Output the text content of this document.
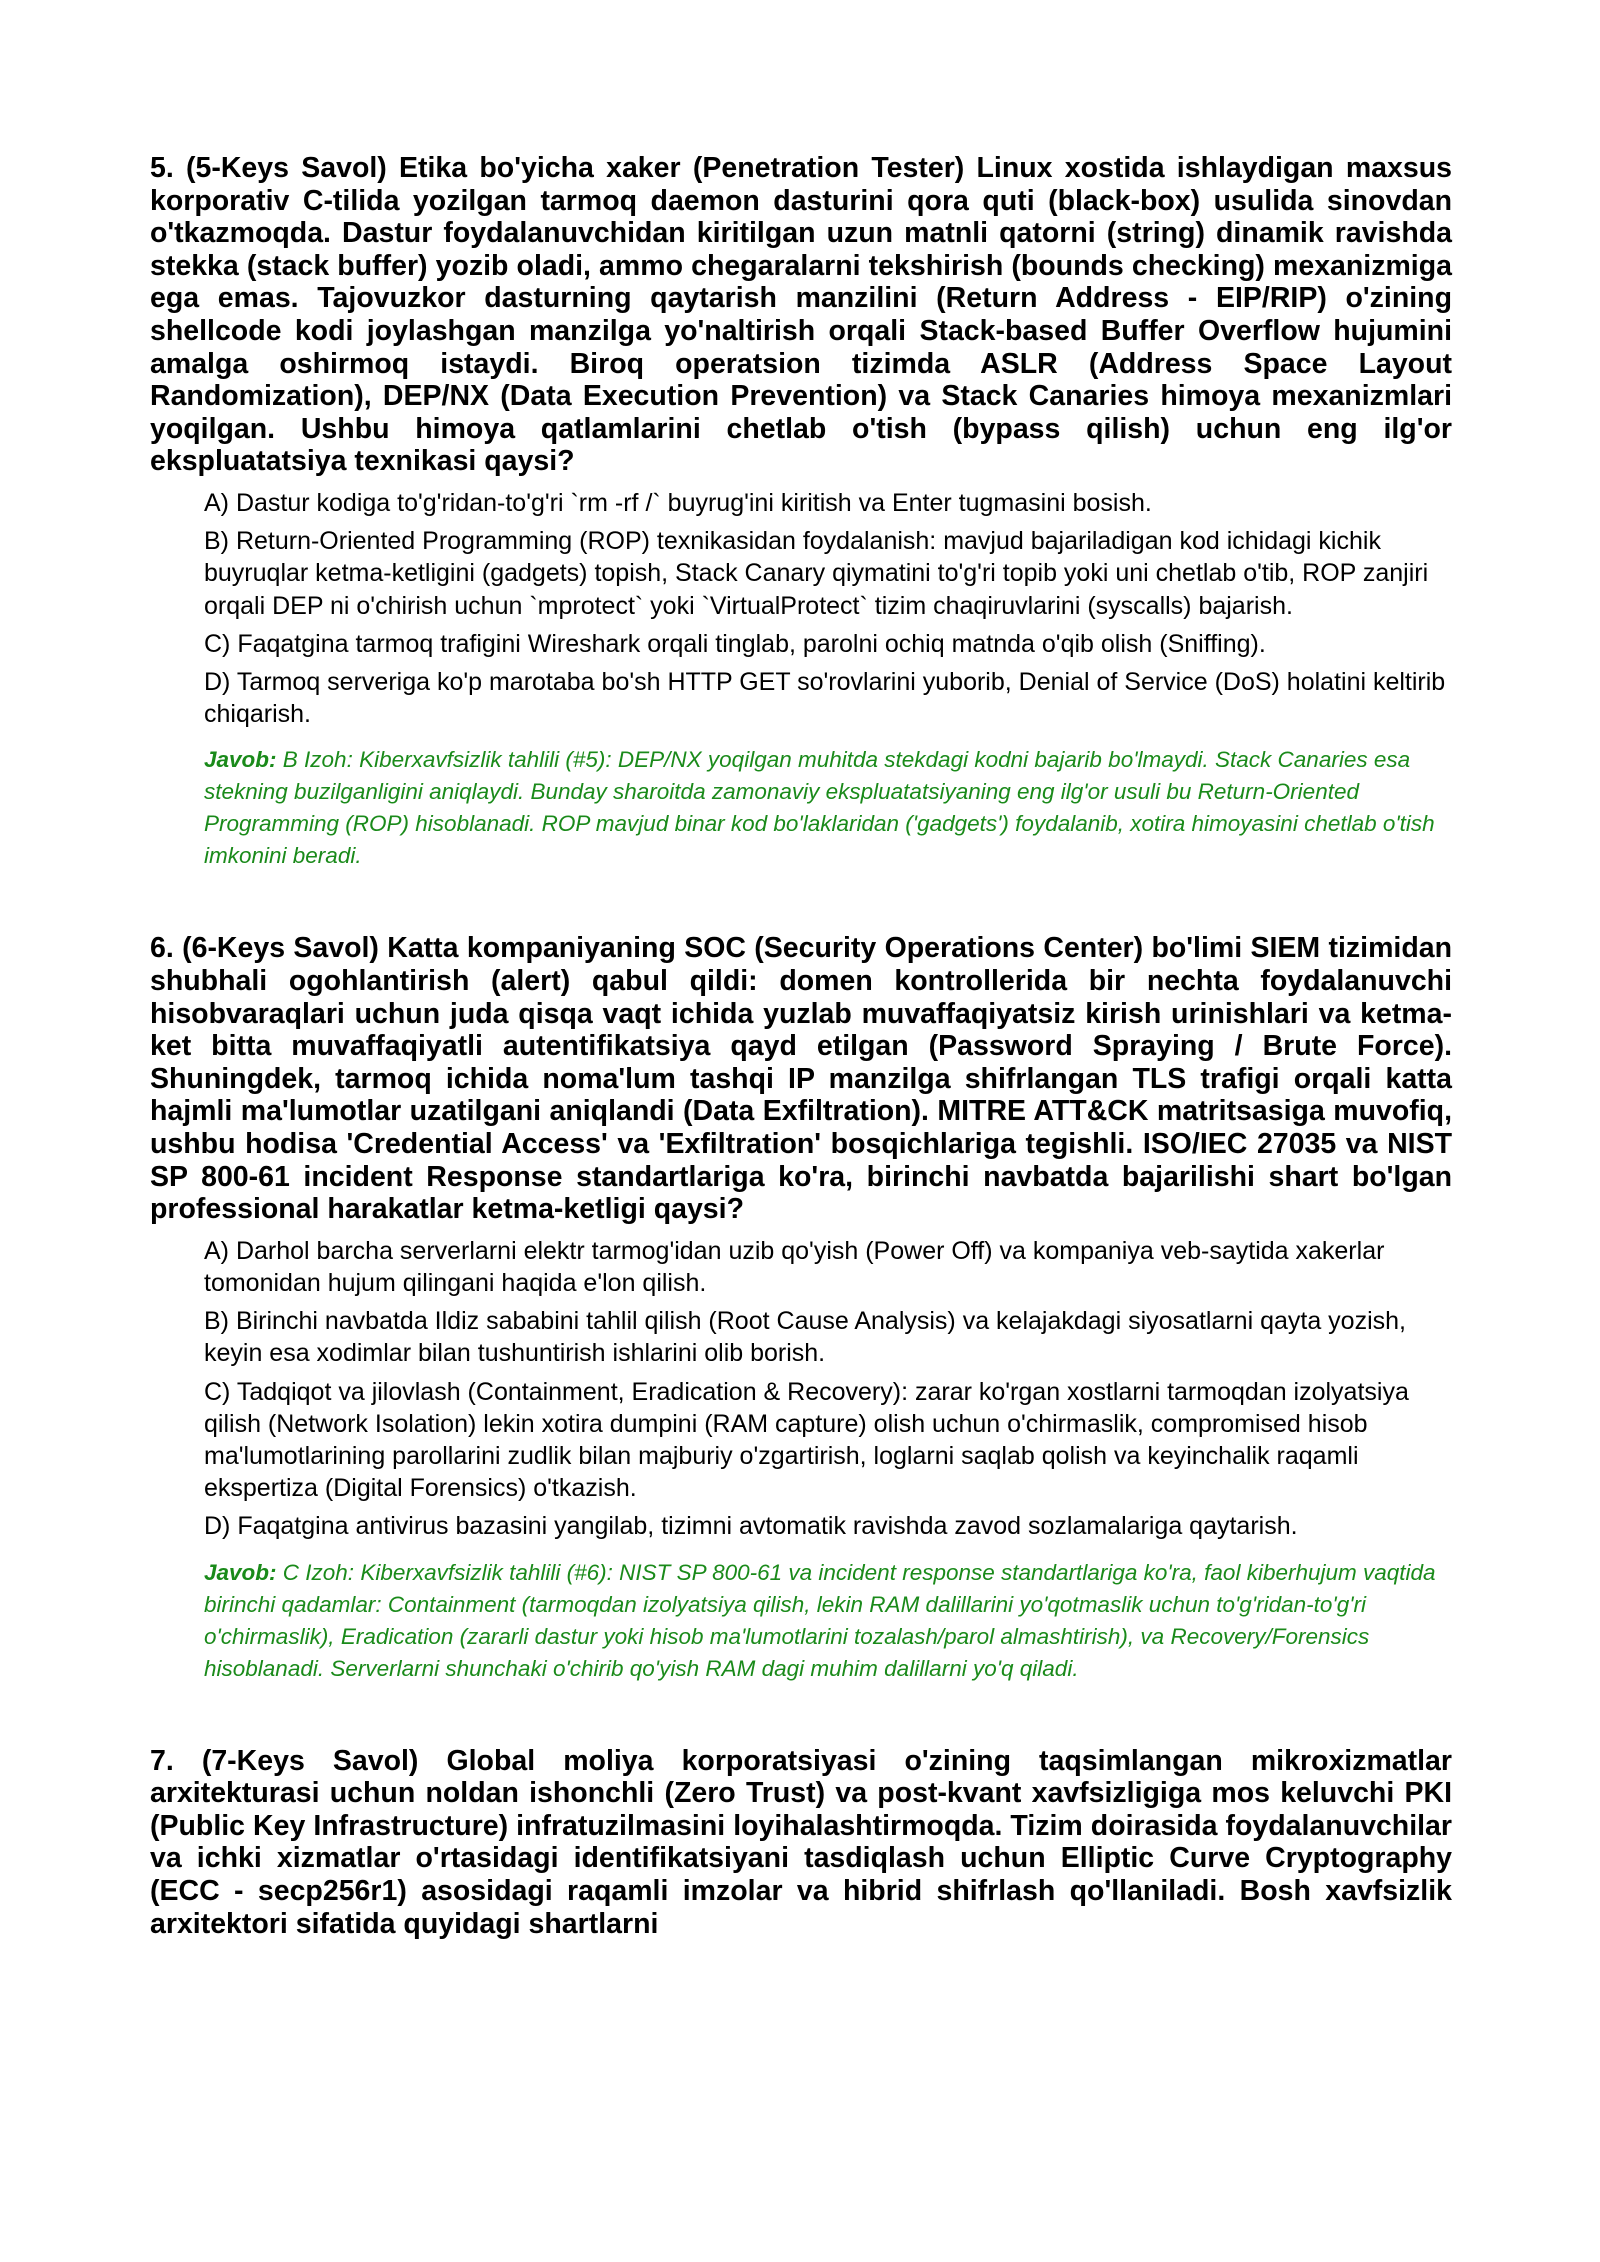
5. (5-Keys Savol) Etika bo'yicha xaker (Penetration Tester) Linux xostida ishlaydigan maxsus korporativ C-tilida yozilgan tarmoq daemon dasturini qora quti (black-box) usulida sinovdan o'tkazmoqda. Dastur foydalanuvchidan kiritilgan uzun matnli qatorni (string) dinamik ravishda stekka (stack buffer) yozib oladi, ammo chegaralarni tekshirish (bounds checking) mexanizmiga ega emas. Tajovuzkor dasturning qaytarish manzilini (Return Address - EIP/RIP) o'zining shellcode kodi joylashgan manzilga yo'naltirish orqali Stack-based Buffer Overflow hujumini amalga oshirmoq istaydi. Biroq operatsion tizimda ASLR (Address Space Layout Randomization), DEP/NX (Data Execution Prevention) va Stack Canaries himoya mexanizmlari yoqilgan. Ushbu himoya qatlamlarini chetlab o'tish (bypass qilish) uchun eng ilg'or ekspluatatsiya texnikasi qaysi?

A) Dastur kodiga to'g'ridan-to'g'ri `rm -rf /` buyrug'ini kiritish va Enter tugmasini bosish.

B) Return-Oriented Programming (ROP) texnikasidan foydalanish: mavjud bajariladigan kod ichidagi kichik buyruqlar ketma-ketligini (gadgets) topish, Stack Canary qiymatini to'g'ri topib yoki uni chetlab o'tib, ROP zanjiri orqali DEP ni o'chirish uchun `mprotect` yoki `VirtualProtect` tizim chaqiruvlarini (syscalls) bajarish.

C) Faqatgina tarmoq trafigini Wireshark orqali tinglab, parolni ochiq matnda o'qib olish (Sniffing).

D) Tarmoq serveriga ko'p marotaba bo'sh HTTP GET so'rovlarini yuborib, Denial of Service (DoS) holatini keltirib chiqarish.

Javob: B Izoh: Kiberxavfsizlik tahlili (#5): DEP/NX yoqilgan muhitda stekdagi kodni bajarib bo'lmaydi. Stack Canaries esa stekning buzilganligini aniqlaydi. Bunday sharoitda zamonaviy ekspluatatsiyaning eng ilg'or usuli bu Return-Oriented Programming (ROP) hisoblanadi. ROP mavjud binar kod bo'laklaridan ('gadgets') foydalanib, xotira himoyasini chetlab o'tish imkonini beradi.

6. (6-Keys Savol) Katta kompaniyaning SOC (Security Operations Center) bo'limi SIEM tizimidan shubhali ogohlantirish (alert) qabul qildi: domen kontrollerida bir nechta foydalanuvchi hisobvaraqlari uchun juda qisqa vaqt ichida yuzlab muvaffaqiyatsiz kirish urinishlari va ketma-ket bitta muvaffaqiyatli autentifikatsiya qayd etilgan (Password Spraying / Brute Force). Shuningdek, tarmoq ichida noma'lum tashqi IP manzilga shifrlangan TLS trafigi orqali katta hajmli ma'lumotlar uzatilgani aniqlandi (Data Exfiltration). MITRE ATT&CK matritsasiga muvofiq, ushbu hodisa 'Credential Access' va 'Exfiltration' bosqichlariga tegishli. ISO/IEC 27035 va NIST SP 800-61 incident Response standartlariga ko'ra, birinchi navbatda bajarilishi shart bo'lgan professional harakatlar ketma-ketligi qaysi?

A) Darhol barcha serverlarni elektr tarmog'idan uzib qo'yish (Power Off) va kompaniya veb-saytida xakerlar tomonidan hujum qilingani haqida e'lon qilish.

B) Birinchi navbatda Ildiz sababini tahlil qilish (Root Cause Analysis) va kelajakdagi siyosatlarni qayta yozish, keyin esa xodimlar bilan tushuntirish ishlarini olib borish.

C) Tadqiqot va jilovlash (Containment, Eradication & Recovery): zarar ko'rgan xostlarni tarmoqdan izolyatsiya qilish (Network Isolation) lekin xotira dumpini (RAM capture) olish uchun o'chirmaslik, compromised hisob ma'lumotlarining parollarini zudlik bilan majburiy o'zgartirish, loglarni saqlab qolish va keyinchalik raqamli ekspertiza (Digital Forensics) o'tkazish.

D) Faqatgina antivirus bazasini yangilab, tizimni avtomatik ravishda zavod sozlamalariga qaytarish.

Javob: C Izoh: Kiberxavfsizlik tahlili (#6): NIST SP 800-61 va incident response standartlariga ko'ra, faol kiberhujum vaqtida birinchi qadamlar: Containment (tarmoqdan izolyatsiya qilish, lekin RAM dalillarini yo'qotmaslik uchun to'g'ridan-to'g'ri o'chirmaslik), Eradication (zararli dastur yoki hisob ma'lumotlarini tozalash/parol almashtirish), va Recovery/Forensics hisoblanadi. Serverlarni shunchaki o'chirib qo'yish RAM dagi muhim dalillarni yo'q qiladi.

7. (7-Keys Savol) Global moliya korporatsiyasi o'zining taqsimlangan mikroxizmatlar arxitekturasi uchun noldan ishonchli (Zero Trust) va post-kvant xavfsizligiga mos keluvchi PKI (Public Key Infrastructure) infratuzilmasini loyihalashtirmoqda. Tizim doirasida foydalanuvchilar va ichki xizmatlar o'rtasidagi identifikatsiyani tasdiqlash uchun Elliptic Curve Cryptography (ECC - secp256r1) asosidagi raqamli imzolar va hibrid shifrlash qo'llaniladi. Bosh xavfsizlik arxitektori sifatida quyidagi shartlarni
